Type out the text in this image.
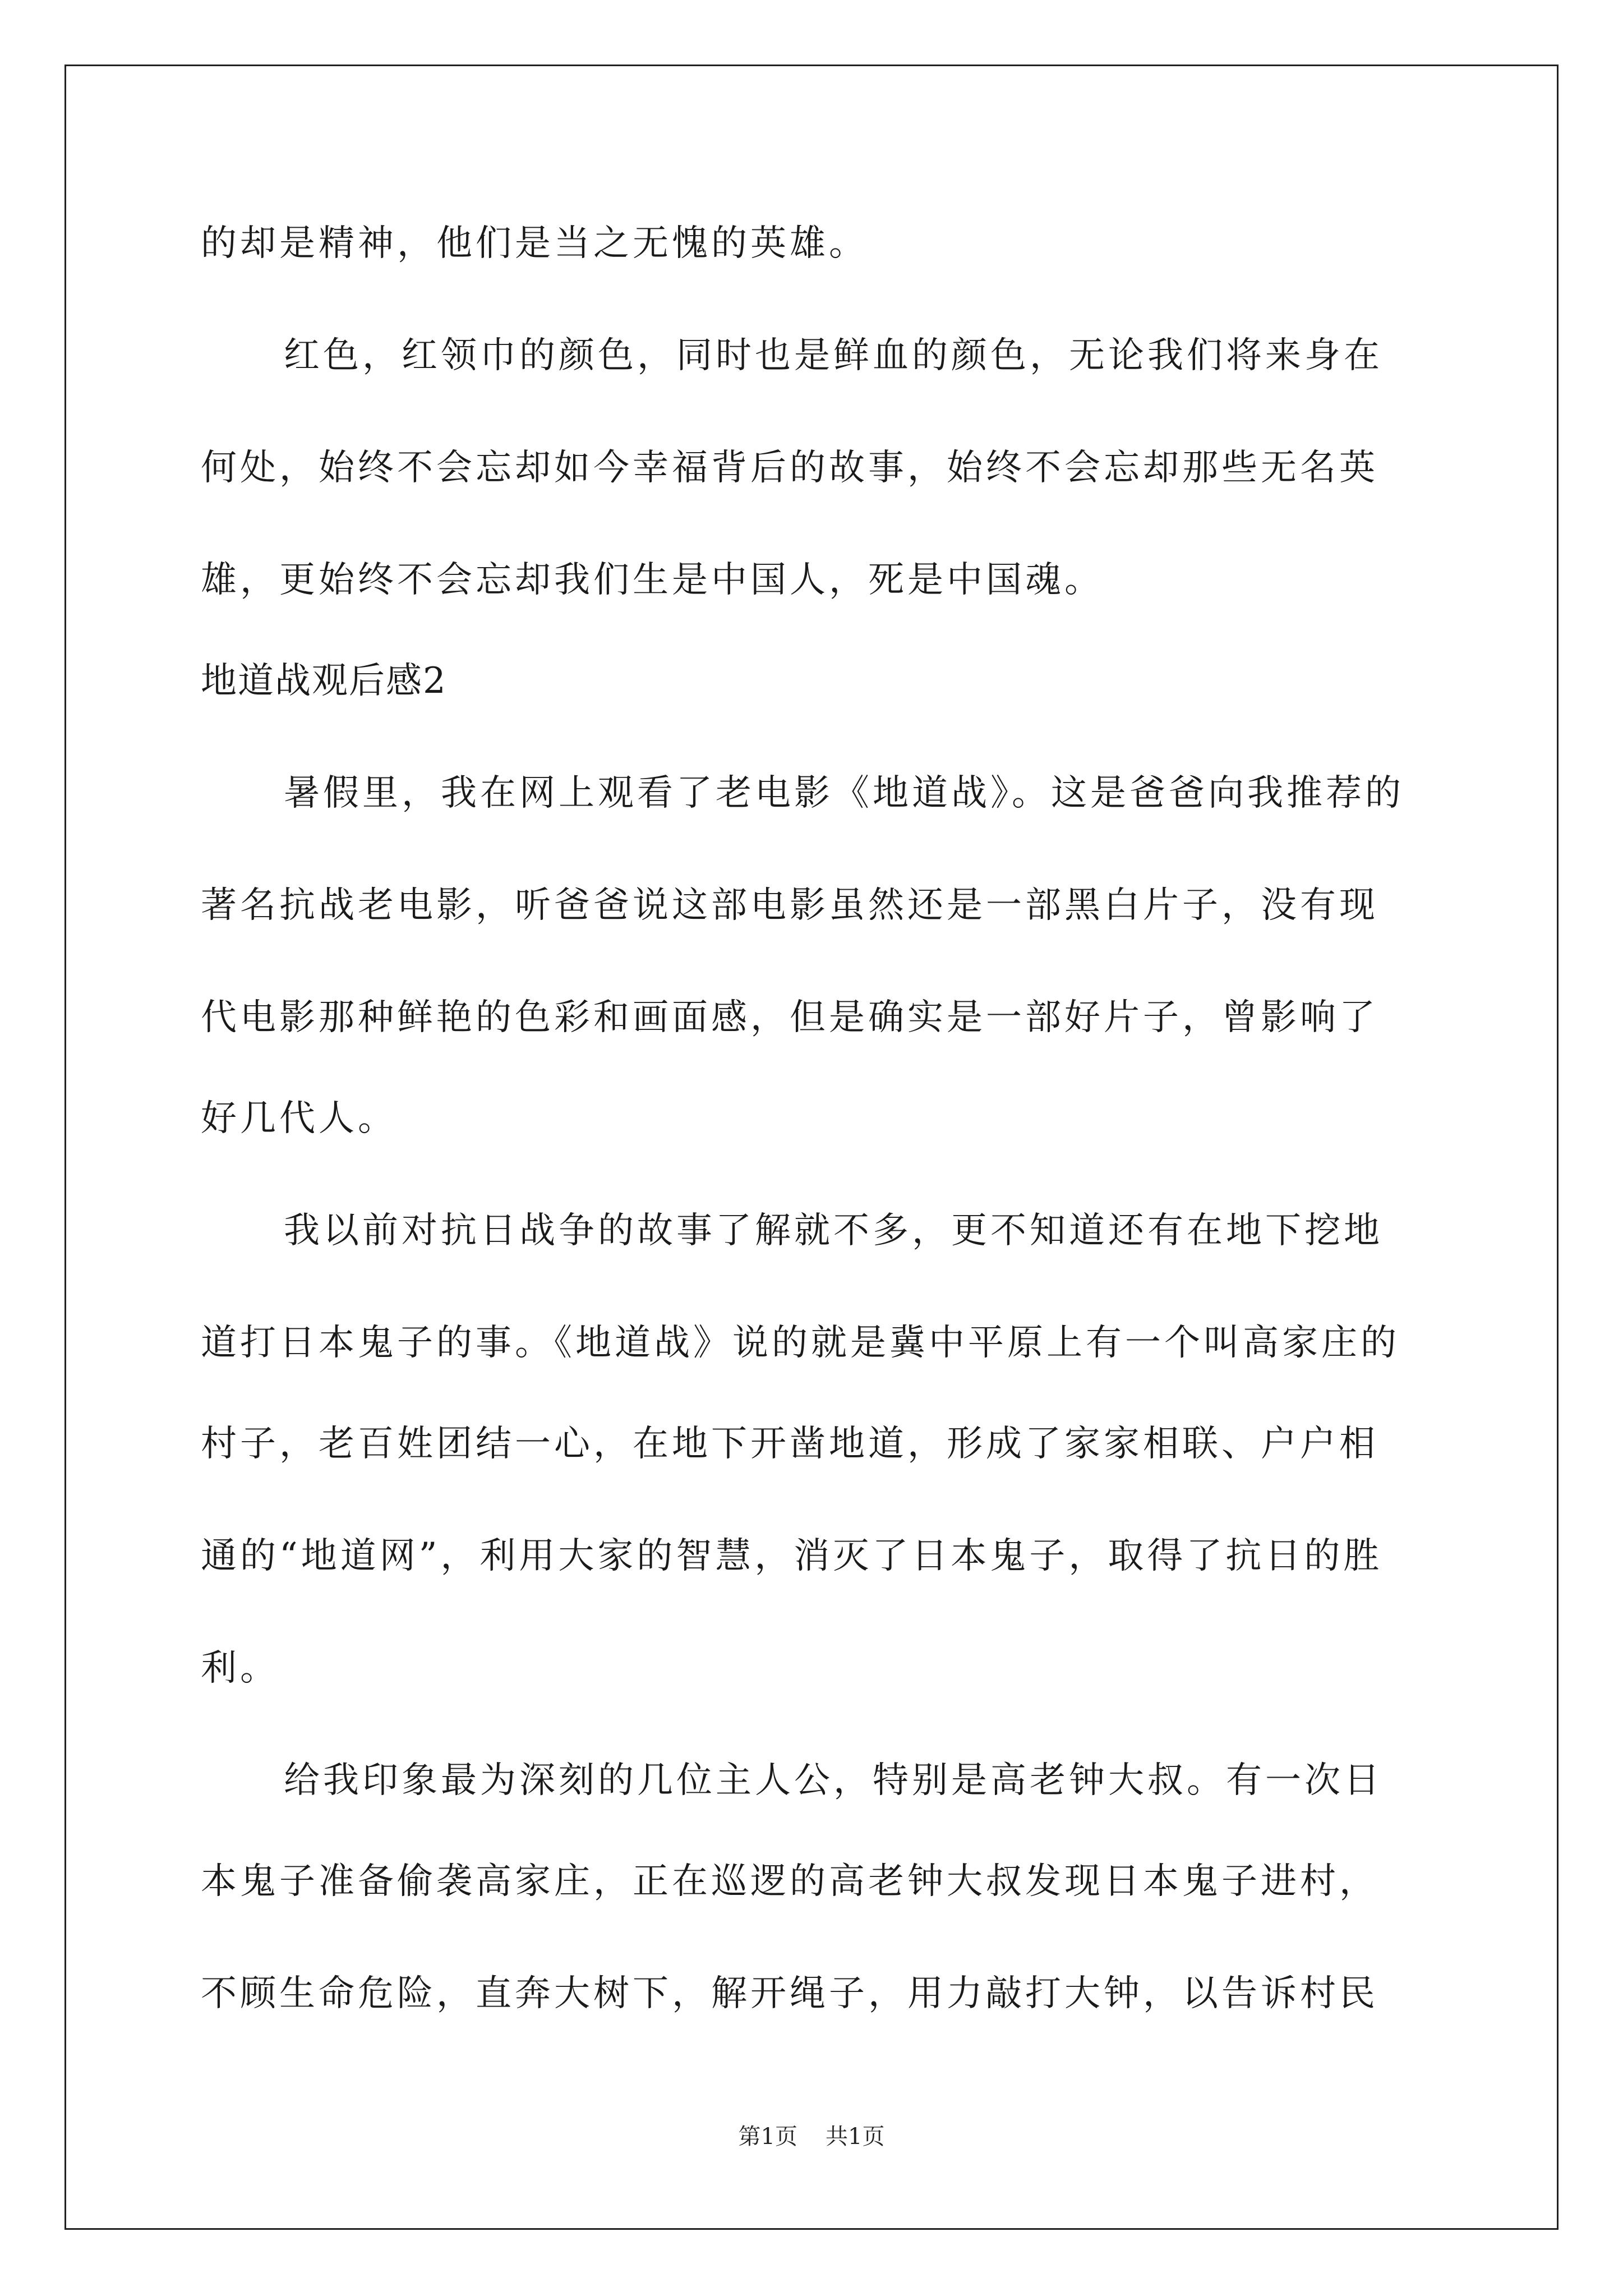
的却是精神，他们是当之无愧的英雄。
红色，红领巾的颜色，同时也是鲜血的颜色，无论我们将来身在
何处，始终不会忘却如今幸福背后的故事，始终不会忘却那些无名英
雄，更始终不会忘却我们生是中国人，死是中国魂。
地道战观后感2
暑假里，我在网上观看了老电影《地道战》。这是爸爸向我推荐的
著名抗战老电影，听爸爸说这部电影虽然还是一部黑白片子，没有现
代电影那种鲜艳的色彩和画面感，但是确实是一部好片子，曾影响了
好几代人。
我以前对抗日战争的故事了解就不多，更不知道还有在地下挖地
道打日本鬼子的事。《地道战》说的就是冀中平原上有一个叫高家庄的
村子，老百姓团结一心，在地下开凿地道，形成了家家相联、户户相
通的“地道网”，利用大家的智慧，消灭了日本鬼子，取得了抗日的胜
利。
给我印象最为深刻的几位主人公，特别是高老钟大叔。有一次日
本鬼子准备偷袭高家庄，正在巡逻的高老钟大叔发现日本鬼子进村，
不顾生命危险，直奔大树下，解开绳子，用力敲打大钟，以告诉村民
第1页 共1页
